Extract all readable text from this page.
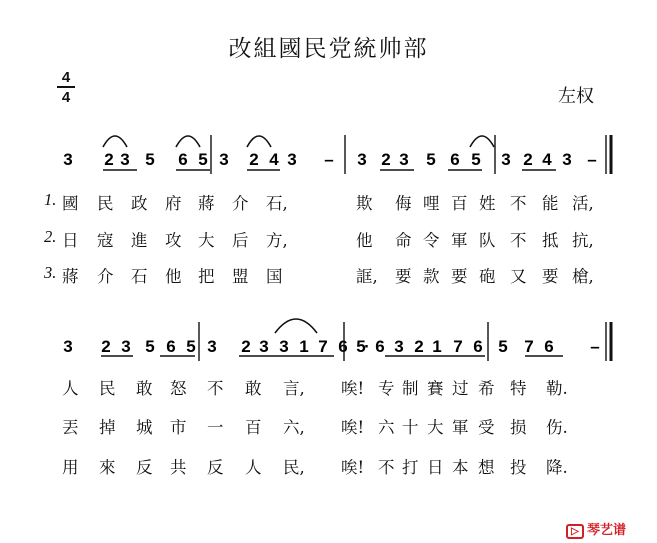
改組國民党統帅部
4
4	左权
3 2 3 5 6 5 3 2 4 3 – 3 2 3 5 6 5 3 2 4 3 –
3 2 3 5 6 5 3 2 3 3 1 7 6 5
· 6 3 2 1 7 6 5 7 6 –
1. 國 民 政 府 蔣 介 石,	欺 侮 哩 百 姓 不 能 活,
2. 日 寇 進 攻 大 后 方,	他 命 令 軍 队 不 抵 抗,
3. 蔣 介 石 他 把 盟 国	誆, 要 款 要 砲 又 要 槍,
人 民 敢 怒 不 敢 言, 唉! 专 制 賽 过 希 特 勒.
丟 掉 城 市 一 百 六, 唉! 六 十 大 軍 受 损 伤.
用 來 反 共 反 人 民, 唉! 不 打 日 本 想 投 降.
▷ 琴艺谱
